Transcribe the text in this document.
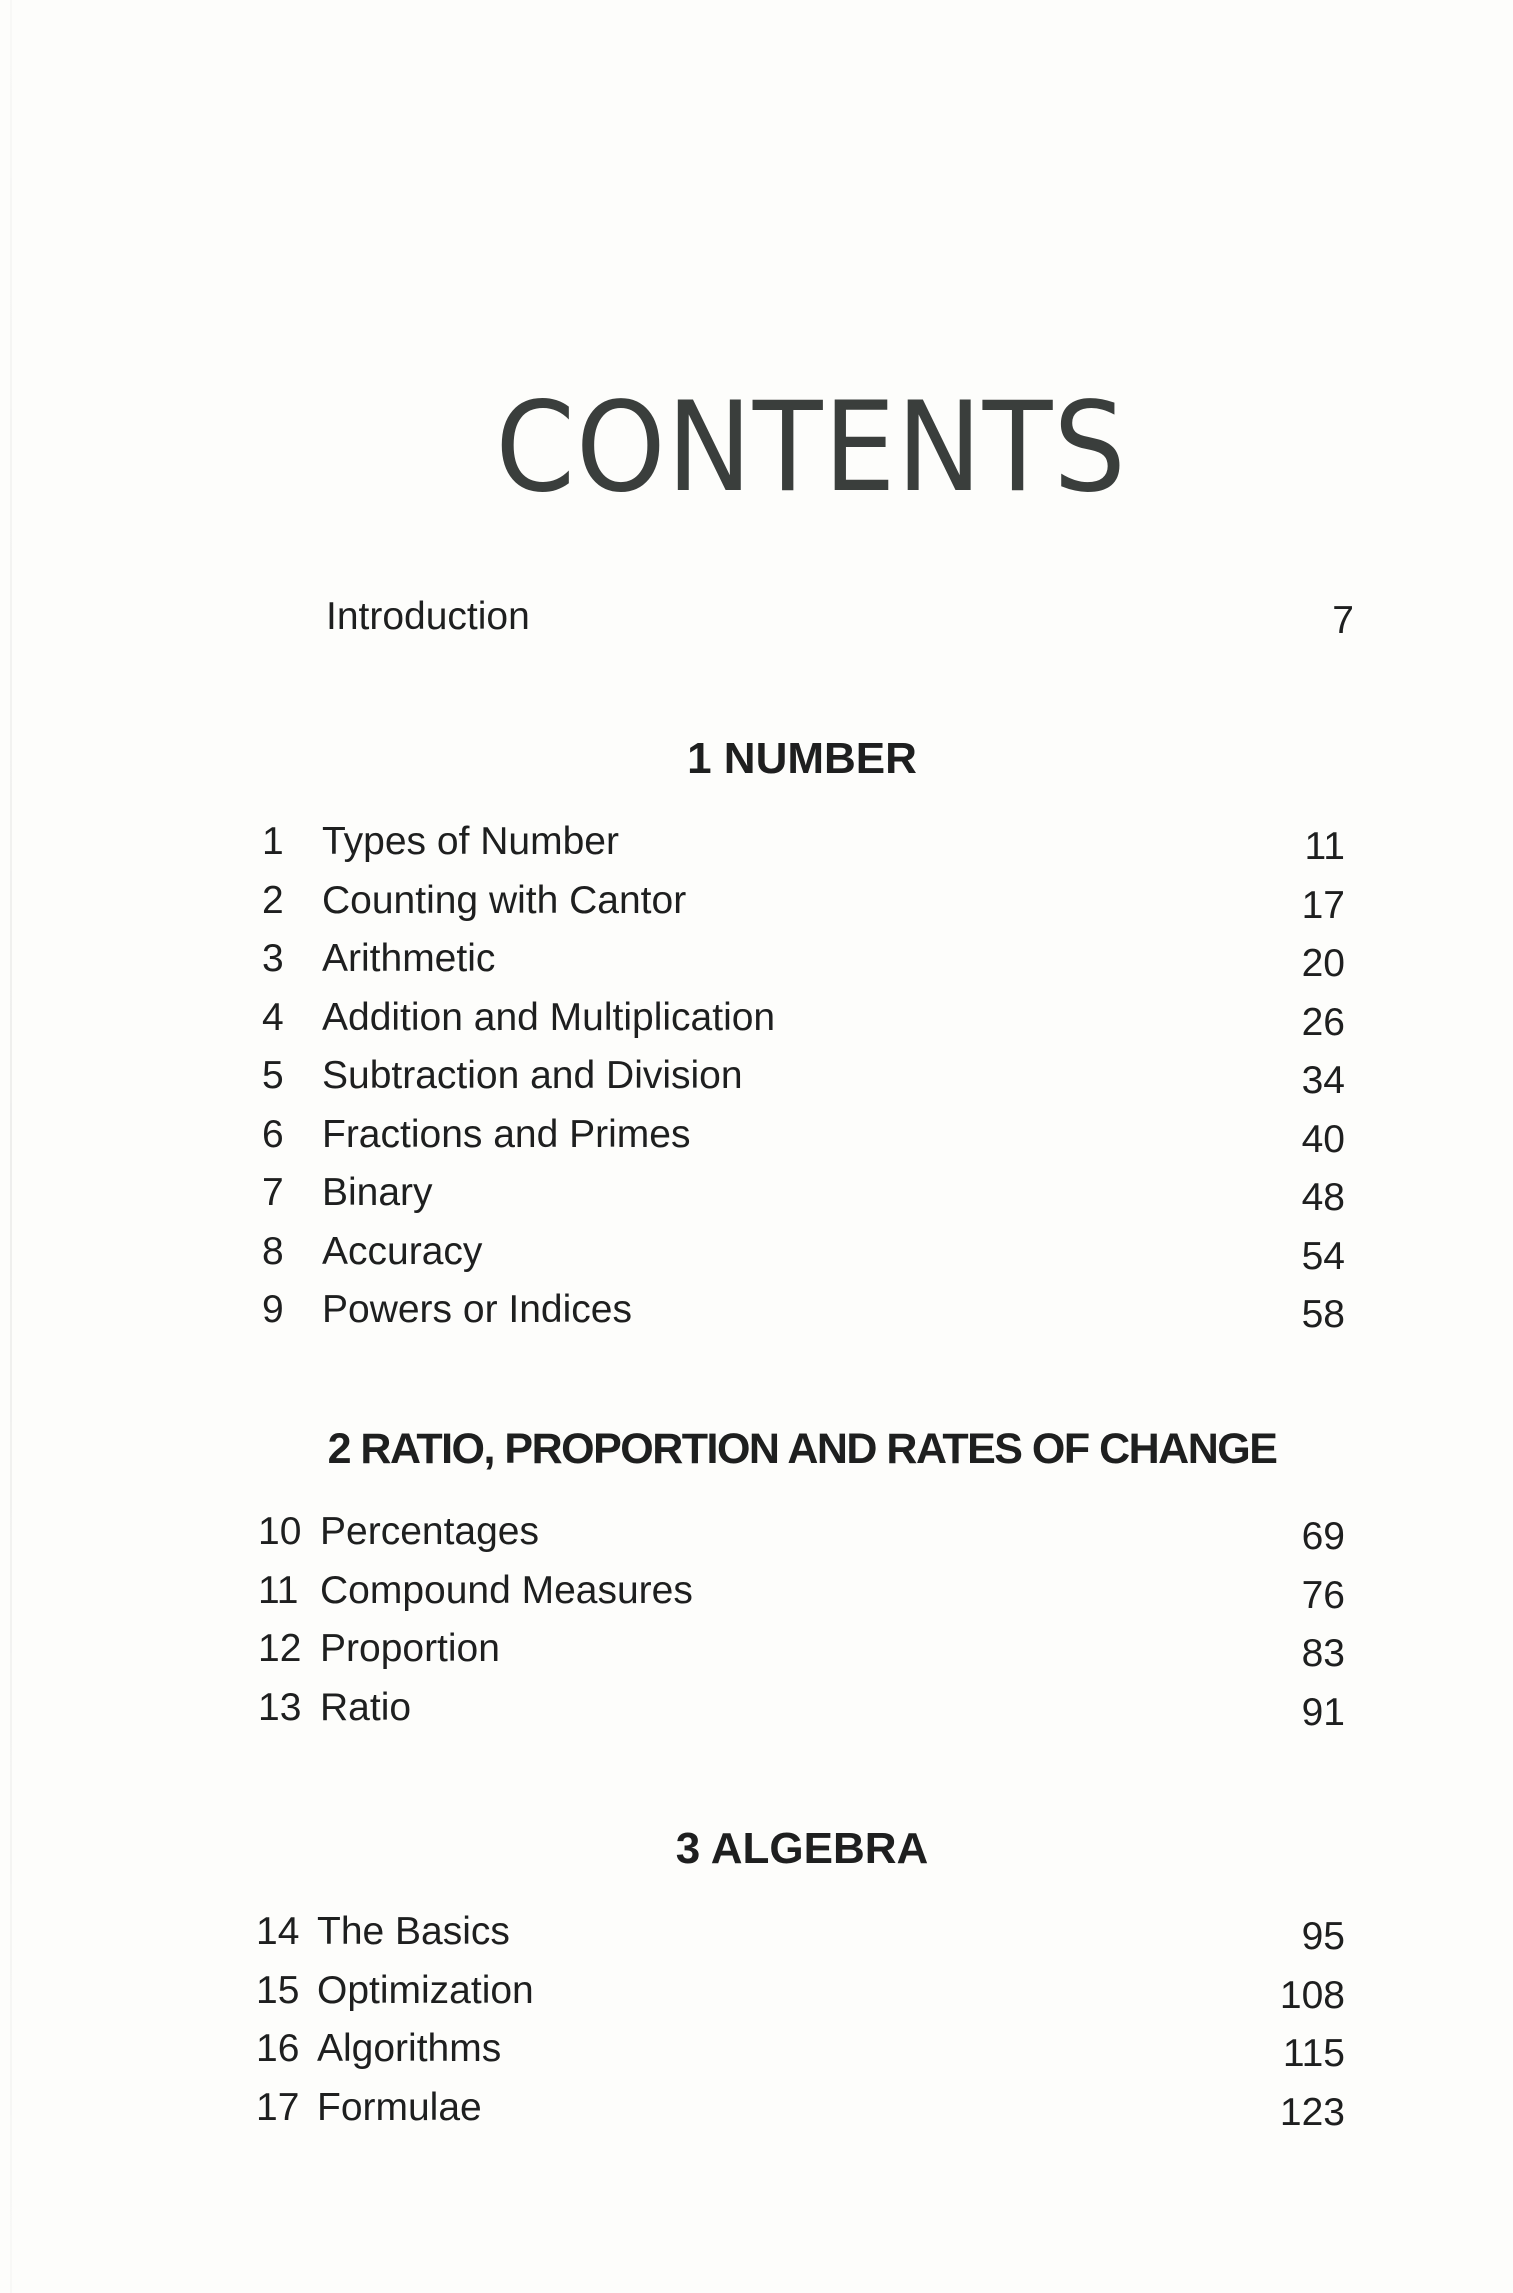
CONTENTS
Introduction	7
1 NUMBER
1 Types of Number	11
2 Counting with Cantor	17
3 Arithmetic	20
4 Addition and Multiplication	26
5 Subtraction and Division	34
6 Fractions and Primes	40
7 Binary	48
8 Accuracy	54
9 Powers or Indices	58
2 RATIO, PROPORTION AND RATES OF CHANGE
10 Percentages	69
11 Compound Measures	76
12 Proportion	83
13 Ratio	91
3 ALGEBRA
14 The Basics	95
15 Optimization	108
16 Algorithms	115
17 Formulae	123
